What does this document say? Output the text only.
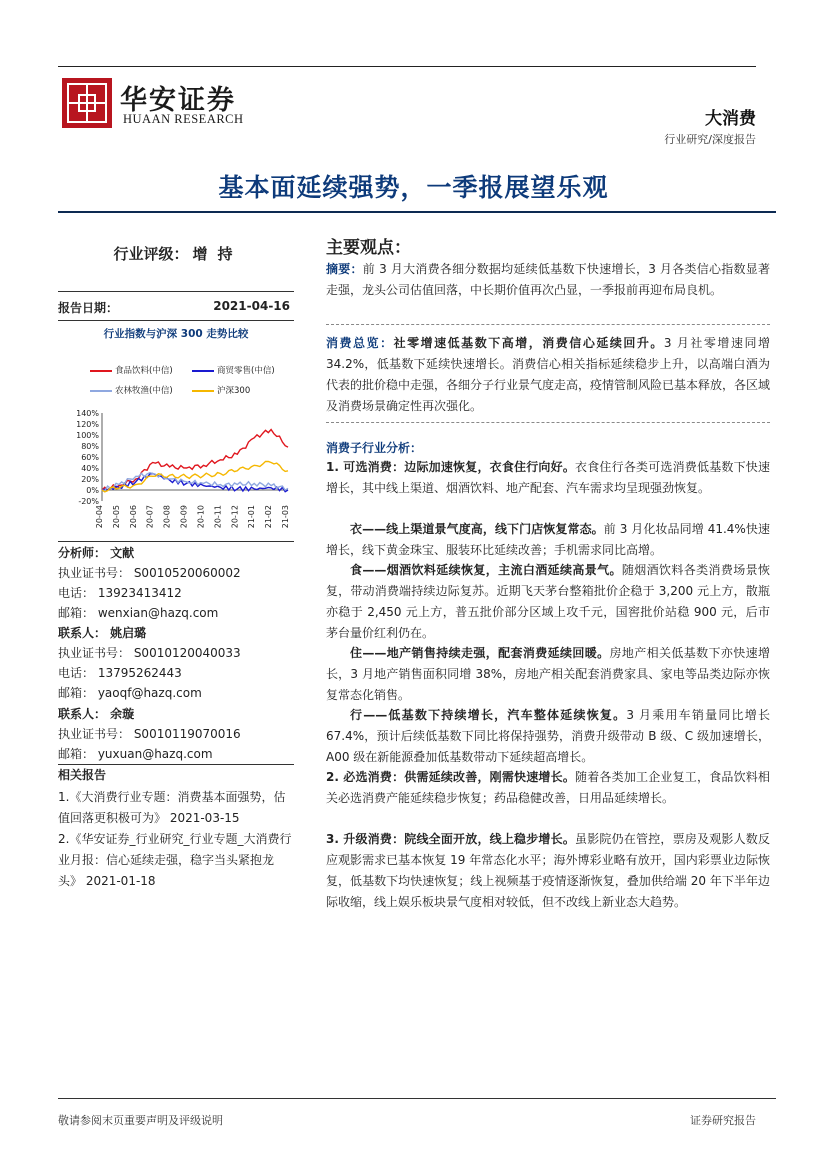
华安证券
HUAAN RESEARCH	大消费
行业研究/深度报告
基本面延续强势，一季报展望乐观
行业评级： 增持
报告日期：	2021-04-16
行业指数与沪深 300 走势比较
食品饮料(中信)	商贸零售(中信)
农林牧渔(中信)	沪深300
140%
120%
100%
80%
60%
40%
20%
0%
-20%
20-04 20-05 20-06 20-07 20-08 20-09 20-10 20-11 20-12 21-01 21-02 21-03
分析师： 文献
执业证书号： S0010520060002
电话： 13923413412
邮箱： wenxian@hazq.com
联系人： 姚启璐
执业证书号： S0010120040033
电话： 13795262443
邮箱： yaoqf@hazq.com
联系人： 余璇
执业证书号： S0010119070016
邮箱： yuxuan@hazq.com
相关报告
1.《大消费行业专题：消费基本面强势，估值回落更积极可为》 2021-03-15
2.《华安证券_行业研究_行业专题_大消费行业月报：信心延续走强，稳字当头紧抱龙头》 2021-01-18
主要观点：
摘要：前 3 月大消费各细分数据均延续低基数下快速增长，3 月各类信心指数显著走强，龙头公司估值回落，中长期价值再次凸显，一季报前再迎布局良机。
消费总览：社零增速低基数下高增，消费信心延续回升。3 月社零增速同增34.2%，低基数下延续快速增长。消费信心相关指标延续稳步上升，以高端白酒为代表的批价稳中走强，各细分子行业景气度走高，疫情管制风险已基本释放，各区域及消费场景确定性再次强化。
消费子行业分析：
1. 可选消费：边际加速恢复，衣食住行向好。衣食住行各类可选消费低基数下快速增长，其中线上渠道、烟酒饮料、地产配套、汽车需求均呈现强劲恢复。
衣——线上渠道景气度高，线下门店恢复常态。前 3 月化妆品同增 41.4%快速增长，线下黄金珠宝、服装环比延续改善；手机需求同比高增。
食——烟酒饮料延续恢复，主流白酒延续高景气。随烟酒饮料各类消费场景恢复，带动消费端持续边际复苏。近期飞天茅台整箱批价企稳于 3,200 元上方，散瓶亦稳于 2,450 元上方，普五批价部分区域上攻千元，国窖批价站稳 900 元，后市茅台量价红利仍在。
住——地产销售持续走强，配套消费延续回暖。房地产相关低基数下亦快速增长，3 月地产销售面积同增 38%，房地产相关配套消费家具、家电等品类边际亦恢复常态化销售。
行——低基数下持续增长，汽车整体延续恢复。3 月乘用车销量同比增长 67.4%，预计后续低基数下同比将保持强势，消费升级带动 B 级、C 级加速增长，A00 级在新能源叠加低基数带动下延续超高增长。
2. 必选消费：供需延续改善，刚需快速增长。随着各类加工企业复工，食品饮料相关必选消费产能延续稳步恢复；药品稳健改善，日用品延续增长。
3. 升级消费：院线全面开放，线上稳步增长。虽影院仍在管控，票房及观影人数反应观影需求已基本恢复 19 年常态化水平；海外博彩业略有放开，国内彩票业边际恢复，低基数下均快速恢复；线上视频基于疫情逐渐恢复，叠加供给端 20 年下半年边际收缩，线上娱乐板块景气度相对较低，但不改线上新业态大趋势。
敬请参阅末页重要声明及评级说明	证券研究报告
